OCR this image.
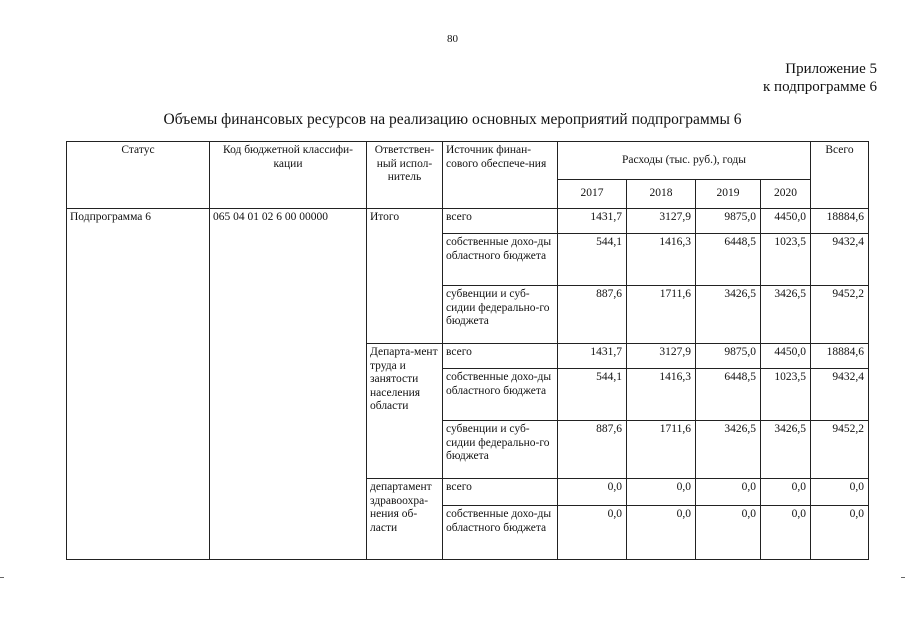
80
Приложение 5
к подпрограмме 6
Объемы финансовых ресурсов на реализацию основных мероприятий подпрограммы 6
Статус	Код бюджетной классифи-кации	Ответствен-ный испол-нитель	Источник финан-сового обеспече-ния	Расходы (тыс. руб.), годы				Всего
				2017	2018	2019	2020	
Подпрограмма 6	065 04 01 02 6 00 00000	Итого	всего	1431,7	3127,9	9875,0	4450,0	18884,6
			собственные дохо-ды областного бюджета	544,1	1416,3	6448,5	1023,5	9432,4
			субвенции и суб-сидии федерально-го бюджета	887,6	1711,6	3426,5	3426,5	9452,2
		Департа-мент труда и занятости населения области	всего	1431,7	3127,9	9875,0	4450,0	18884,6
			собственные дохо-ды областного бюджета	544,1	1416,3	6448,5	1023,5	9432,4
			субвенции и суб-сидии федерально-го бюджета	887,6	1711,6	3426,5	3426,5	9452,2
		департамент здравоохра-нения об-ласти	всего	0,0	0,0	0,0	0,0	0,0
			собственные дохо-ды областного бюджета	0,0	0,0	0,0	0,0	0,0
